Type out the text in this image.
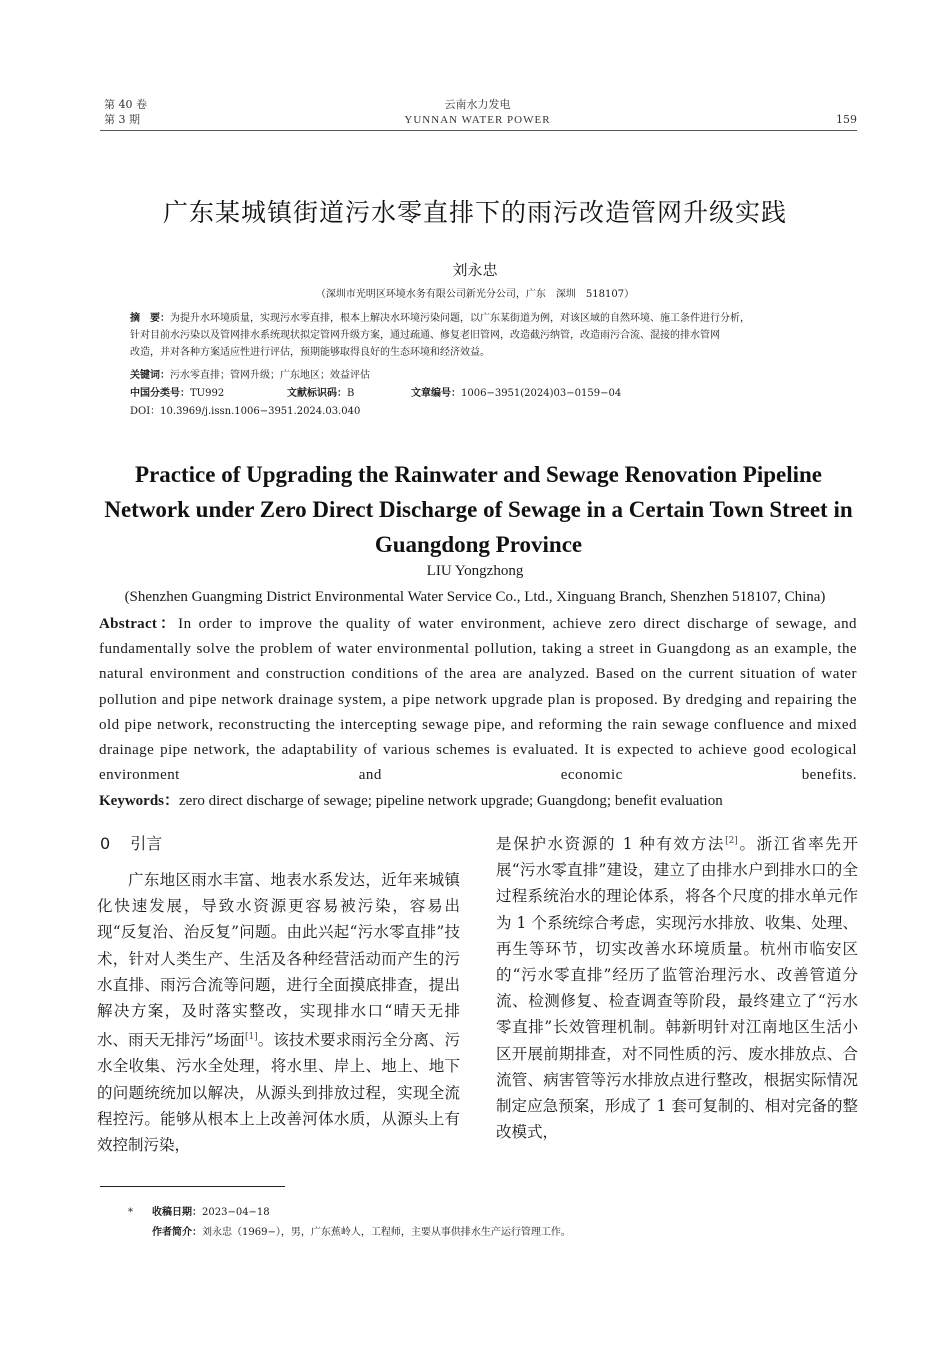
第 40 卷
第 3 期
云南水力发电
YUNNAN WATER POWER	159
广东某城镇街道污水零直排下的雨污改造管网升级实践
刘永忠
（深圳市光明区环境水务有限公司新光分公司，广东　深圳　518107）
摘　要：为提升水环境质量，实现污水零直排，根本上解决水环境污染问题，以广东某街道为例，对该区域的自然环境、施工条件进行分析，
针对目前水污染以及管网排水系统现状拟定管网升级方案，通过疏通、修复老旧管网，改造截污纳管，改造雨污合流、混接的排水管网
改造，并对各种方案适应性进行评估，预期能够取得良好的生态环境和经济效益。
关键词：污水零直排；管网升级；广东地区；效益评估
中国分类号：TU992	文献标识码：B	文章编号：1006−3951(2024)03−0159−04
DOI：10.3969/j.issn.1006−3951.2024.03.040
Practice of Upgrading the Rainwater and Sewage Renovation Pipeline Network under Zero Direct Discharge of Sewage in a Certain Town Street in Guangdong Province
LIU Yongzhong
(Shenzhen Guangming District Environmental Water Service Co., Ltd., Xinguang Branch, Shenzhen 518107, China)
Abstract：In order to improve the quality of water environment, achieve zero direct discharge of sewage, and fundamentally solve the problem of water environmental pollution, taking a street in Guangdong as an example, the natural environment and construction conditions of the area are analyzed. Based on the current situation of water pollution and pipe network drainage system, a pipe network upgrade plan is proposed. By dredging and repairing the old pipe network, reconstructing the intercepting sewage pipe, and reforming the rain sewage confluence and mixed drainage pipe network, the adaptability of various schemes is evaluated. It is expected to achieve good ecological environment and economic benefits.
Keywords：zero direct discharge of sewage; pipeline network upgrade; Guangdong; benefit evaluation
0 引言

广东地区雨水丰富、地表水系发达，近年来城镇化快速发展，导致水资源更容易被污染，容易出现“反复治、治反复”问题。由此兴起“污水零直排”技术，针对人类生产、生活及各种经营活动而产生的污水直排、雨污合流等问题，进行全面摸底排查，提出解决方案，及时落实整改，实现排水口“晴天无排水、雨天无排污”场面[1]。该技术要求雨污全分离、污水全收集、污水全处理，将水里、岸上、地上、地下的问题统统加以解决，从源头到排放过程，实现全流程控污。能够从根本上上改善河体水质，从源头上有效控制污染，

是保护水资源的 1 种有效方法[2]。浙江省率先开展“污水零直排”建设，建立了由排水户到排水口的全过程系统治水的理论体系，将各个尺度的排水单元作为 1 个系统综合考虑，实现污水排放、收集、处理、再生等环节，切实改善水环境质量。杭州市临安区的“污水零直排”经历了监管治理污水、改善管道分流、检测修复、检查调查等阶段，最终建立了“污水零直排”长效管理机制。韩新明针对江南地区生活小区开展前期排查，对不同性质的污、废水排放点、合流管、病害管等污水排放点进行整改，根据实际情况制定应急预案，形成了 1 套可复制的、相对完备的整改模式，

* 收稿日期：2023−04−18
作者简介：刘永忠（1969−），男，广东蕉岭人，工程师，主要从事供排水生产运行管理工作。
